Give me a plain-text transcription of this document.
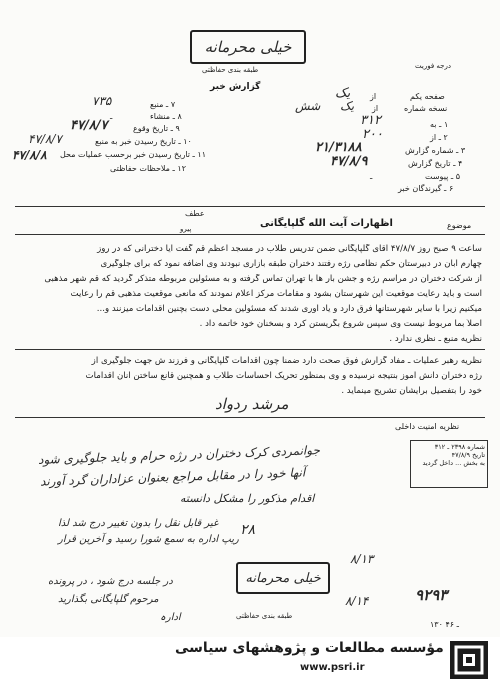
خیلی محرمانه
طبقه بندی حفاظتی	درجه فوریت
گزارش خبر
صفحه یکم
نسخه شماره
یک
یک
از
از
شش
۱ ـ به
۳۱۲
۲ ـ از
۲۰۰
۳ ـ شماره گزارش
۲۱/۳۱۸۸
۴ ـ تاریخ گزارش
۴۷/۸/۹
۵ ـ پیوست
ـ
۶ ـ گیرندگان خبر
۷ ـ منبع
۷۳۵
۸ ـ منشاء
ـ
۹ ـ تاریخ وقوع
۴۷/۸/۷
۱۰ ـ تاریخ رسیدن خبر به منبع
۴۷/۸/۷
۱۱ ـ تاریخ رسیدن خبر برحسب عملیات محل
۴۷/۸/۸
۱۲ ـ ملاحظات حفاظتی
عطف
پیرو	موضوع
اظهارات آیت الله گلپایگانی
ساعت ۹ صبح روز ۴۷/۸/۷ آقای گلپایگانی ضمن تدریس طلاب در مسجد اعظم قم گفت آیا دخترانی که در روز
چهارم آبان در دبیرستان حکم نظامی رژه رفتند دختران طبقه بازاری نبودند وی اضافه نمود که برای جلوگیری
از شرکت دختران در مراسم رژه و جشن بار ها با تهران تماس گرفته و به مسئولین مربوطه متذکر گردید که قم شهر مذهبی
است و باید رعایت موقعیت این شهرستان بشود و مقامات مرکز اعلام نمودند که مانعی موقعیت مذهبی قم را رعایت
میکنیم زیرا با سایر شهرستانها فرق دارد و یاد آوری شدند که مسئولین محلی دست بچنین اقدامات میزنند و...
اصلاً بما مربوط نیست وی سپس شروع بگریستن کرد و بسخنان خود خاتمه داد .
نظریه منبع ـ نظری ندارد .
نظریه رهبر عملیات ـ مفاد گزارش فوق صحت دارد ضمناً چون اقدامات گلپایگانی و فرزند ش جهت جلوگیری از
رژه دختران دانش آموز بنتیجه نرسیده و وی بمنظور تحریک احساسات طلاب و همچنین قانع ساختن آنان اقدامات
خود را بتفصیل برایشان تشریح مینماید .
مرشد ردواد
نظریه امنیت داخلی
شماره ۲۳۹۸ ـ ۳۱۲
تاریخ ۴۷/۸/۹
به بخش ... داخل گردید
جوانمردی کرک دختران در رژه حرام و باید جلوگیری شود
آنها خود را در مقابل مراجع بعنوان عزاداران گرد آورند
اقدام مذکور را مشکل دانسته
غیر قابل نقل را بدون تغییر درج شد لذا
ریپ اداره به سمع شورا رسید و آخرین قرار
در جلسه درج شود ، در پرونده
مرحوم گلپایگانی بگذارید
۲۸
۸/۱۳
۸/۱۴
ادارہ
خیلی محرمانه
طبقه بندی حفاظتی
۹۲۹۳
۱۳۰ ـ ۴۶
مؤسسه مطالعات و پژوهشهای سیاسی
www.psri.ir
